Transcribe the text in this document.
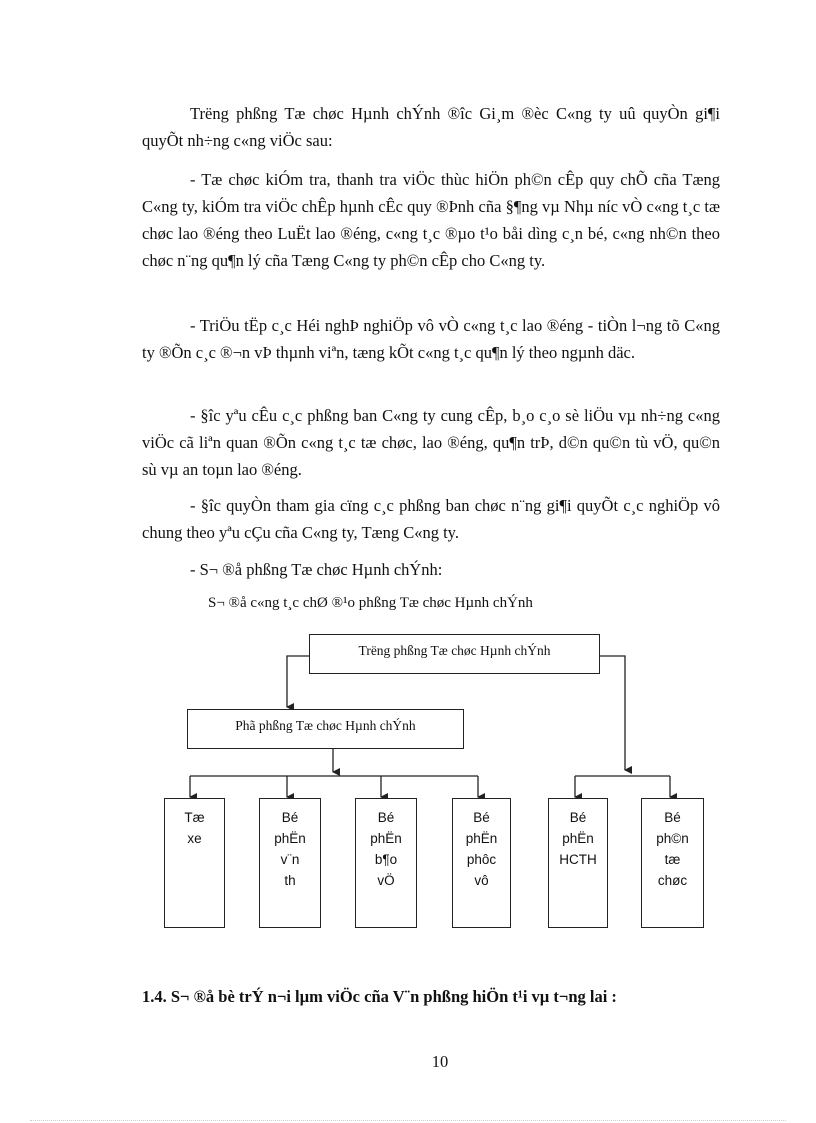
Trëng phßng Tæ chøc Hµnh chÝnh ®îc Gi¸m ®èc C«ng ty uû quyÒn gi¶i quyÕt nh÷ng c«ng viÖc sau:
- Tæ chøc kiÓm tra, thanh tra viÖc thùc hiÖn ph©n cÊp quy chÕ cña Tæng C«ng ty, kiÓm tra viÖc chÊp hµnh cÊc quy ®Þnh cña §¶ng vµ Nhµ níc vÒ c«ng t¸c tæ chøc lao ®éng theo LuËt lao ®éng, c«ng t¸c ®µo t¹o båi dìng c¸n bé, c«ng nh©n theo chøc n¨ng qu¶n lý cña Tæng C«ng ty ph©n cÊp cho C«ng ty.
- TriÖu tËp c¸c Héi nghÞ nghiÖp vô vÒ c«ng t¸c lao ®éng - tiÒn l¬ng tõ C«ng ty ®Õn c¸c ®¬n vÞ thµnh viªn, tæng kÕt c«ng t¸c qu¶n lý theo ngµnh däc.
- §îc yªu cÊu c¸c phßng ban C«ng ty cung cÊp, b¸o c¸o sè liÖu vµ nh÷ng c«ng viÖc cã liªn quan ®Õn c«ng t¸c tæ chøc, lao ®éng, qu¶n trÞ, d©n qu©n tù vÖ, qu©n sù vµ an toµn lao ®éng.
- §îc quyÒn tham gia cïng c¸c phßng ban chøc n¨ng gi¶i quyÕt c¸c nghiÖp vô chung theo yªu cÇu cña C«ng ty, Tæng C«ng ty.
- S¬ ®å phßng Tæ chøc Hµnh chÝnh:
S¬ ®å c«ng t¸c chØ ®¹o phßng Tæ chøc Hµnh chÝnh
Trëng phßng Tæ chøc Hµnh chÝnh
Phã phßng Tæ chøc Hµnh chÝnh
Tæ
xe
Bé
phËn
v¨n
th
Bé
phËn
b¶o
vÖ
Bé
phËn
phôc
vô
Bé
phËn
HCTH
Bé
ph©n
tæ
chøc
1.4. S¬ ®å bè trÝ n¬i lµm viÖc cña V¨n phßng hiÖn t¹i vµ t¬ng lai :
10
